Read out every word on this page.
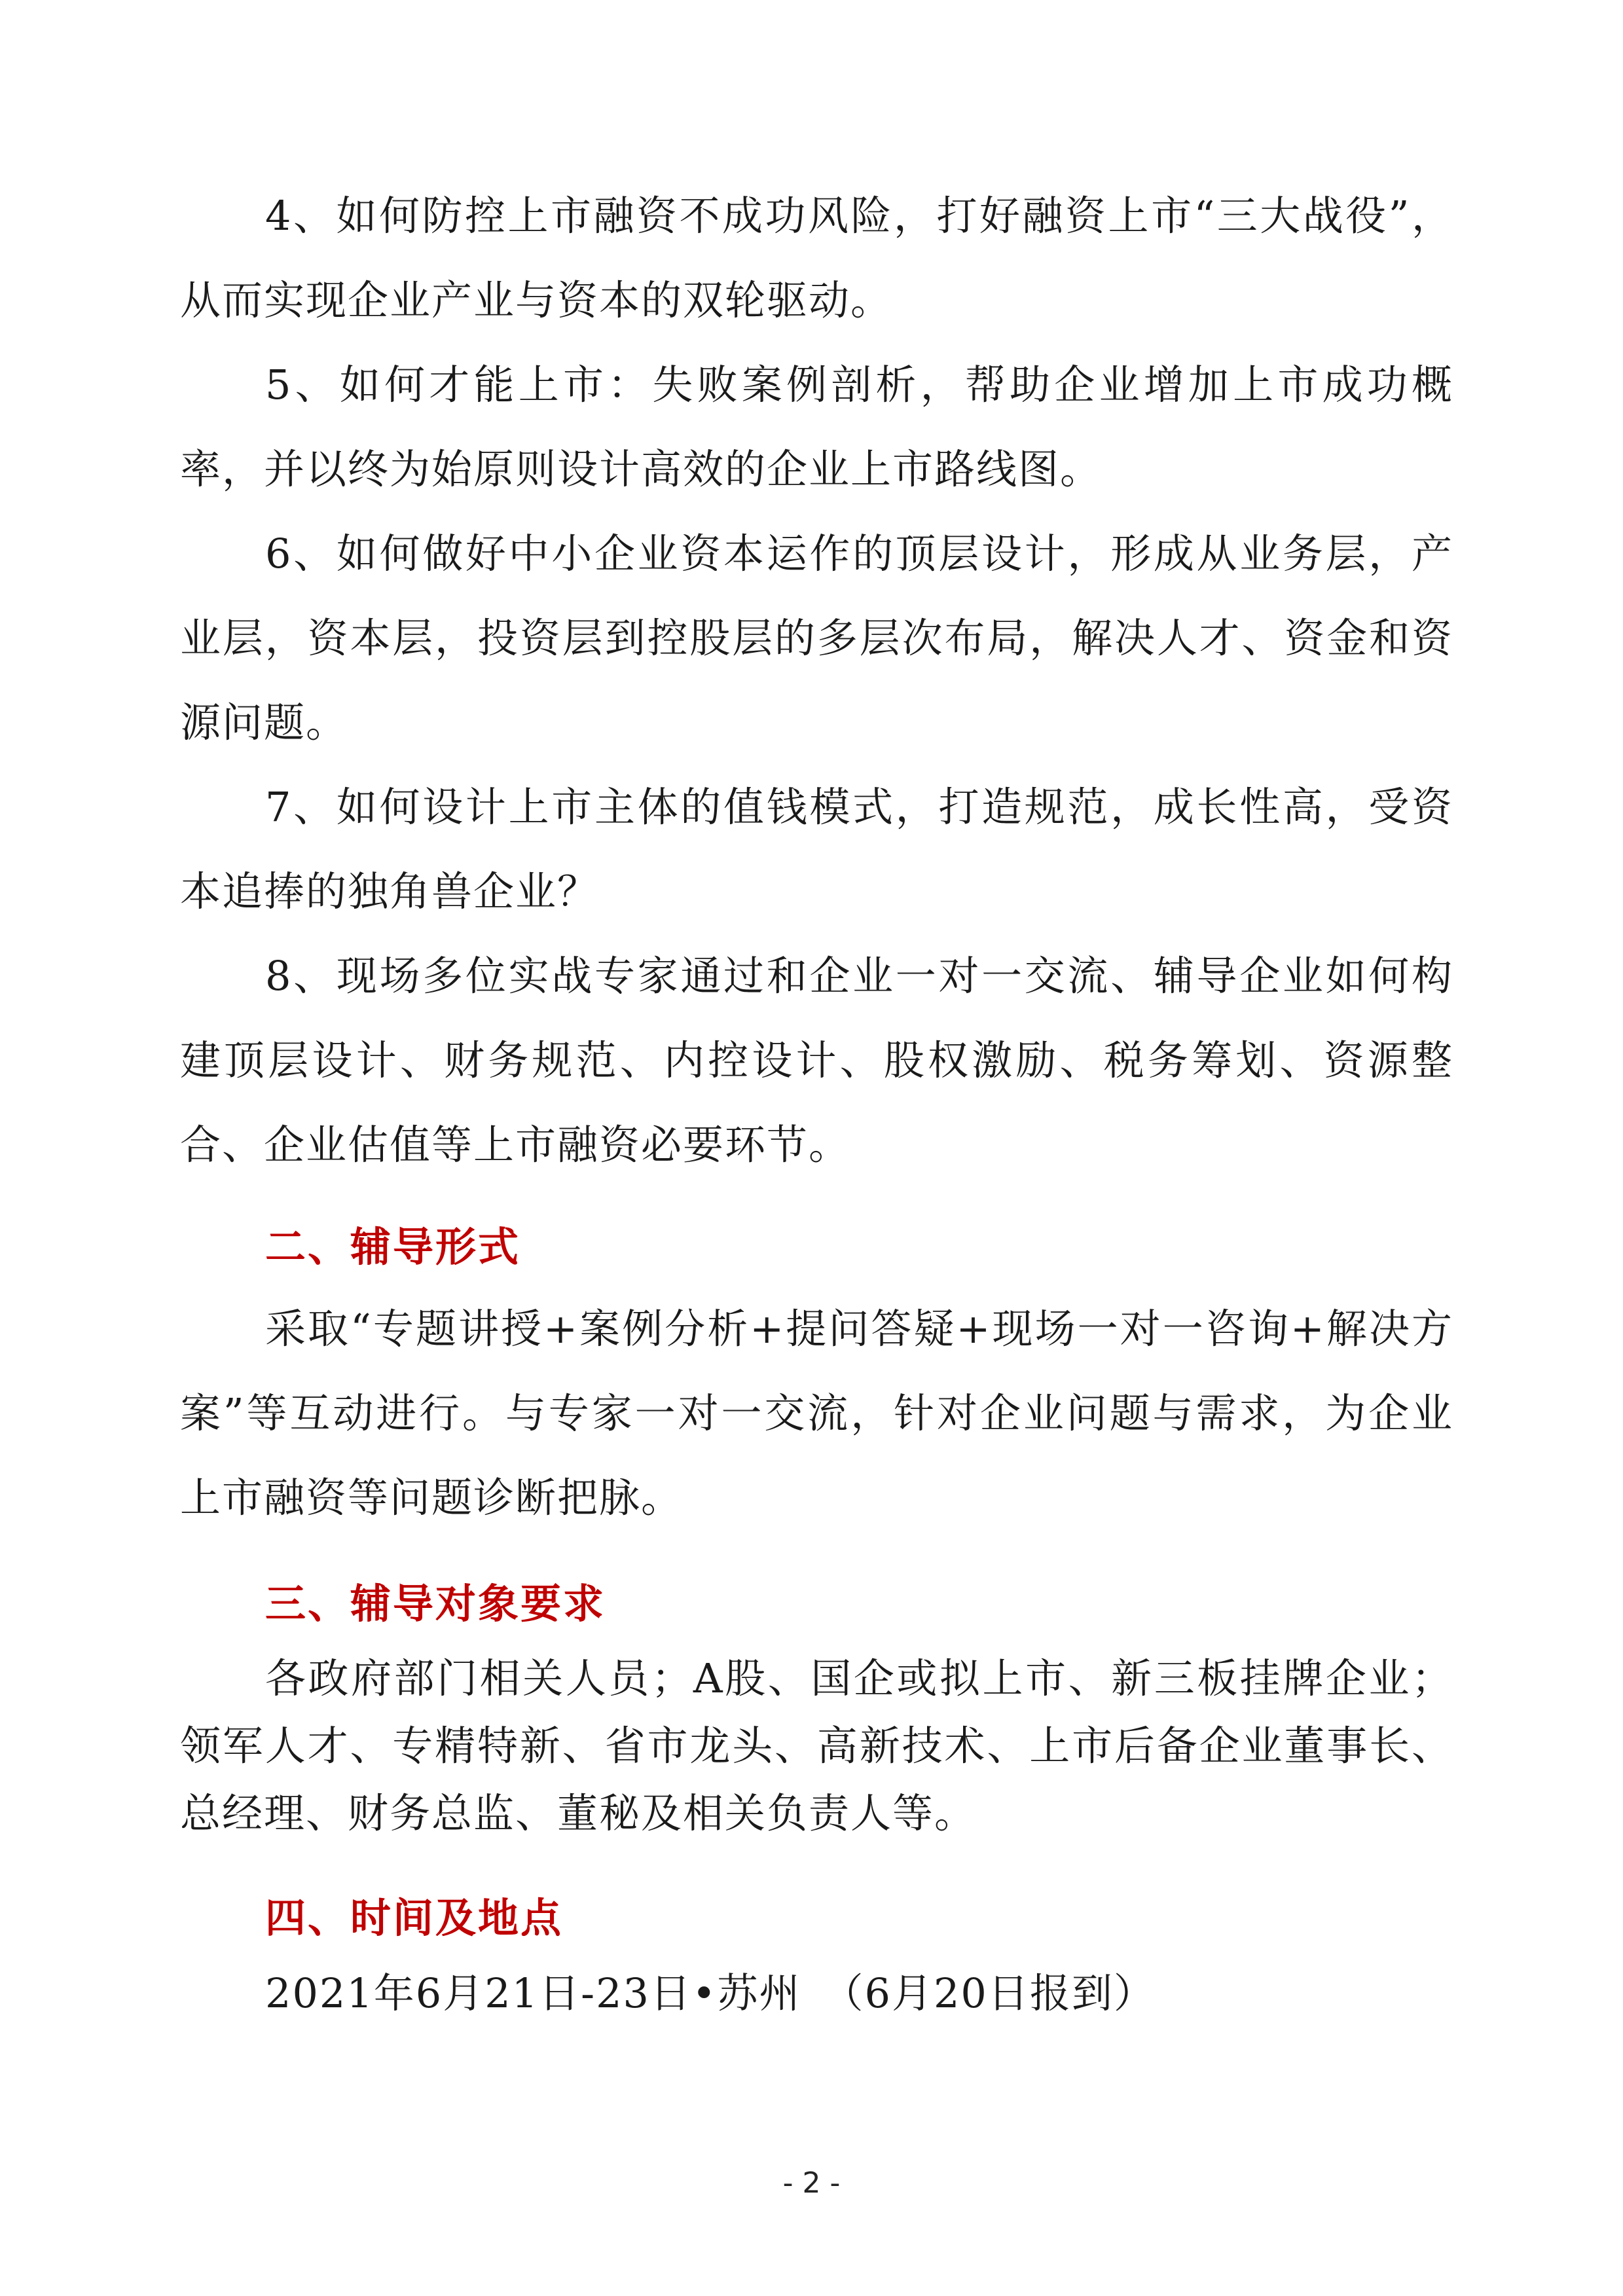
4、如何防控上市融资不成功风险，打好融资上市“三大战役”，从而实现企业产业与资本的双轮驱动。

5、如何才能上市：失败案例剖析，帮助企业增加上市成功概率，并以终为始原则设计高效的企业上市路线图。

6、如何做好中小企业资本运作的顶层设计，形成从业务层，产业层，资本层，投资层到控股层的多层次布局，解决人才、资金和资源问题。

7、如何设计上市主体的值钱模式，打造规范，成长性高，受资本追捧的独角兽企业？

8、现场多位实战专家通过和企业一对一交流、辅导企业如何构建顶层设计、财务规范、内控设计、股权激励、税务筹划、资源整合、企业估值等上市融资必要环节。

二、辅导形式

采取“专题讲授+案例分析+提问答疑+现场一对一咨询+解决方案”等互动进行。与专家一对一交流，针对企业问题与需求，为企业上市融资等问题诊断把脉。

三、辅导对象要求

各政府部门相关人员；A股、国企或拟上市、新三板挂牌企业；领军人才、专精特新、省市龙头、高新技术、上市后备企业董事长、总经理、财务总监、董秘及相关负责人等。

四、时间及地点

2021年6月21日-23日•苏州　（6月20日报到）

- 2 -
